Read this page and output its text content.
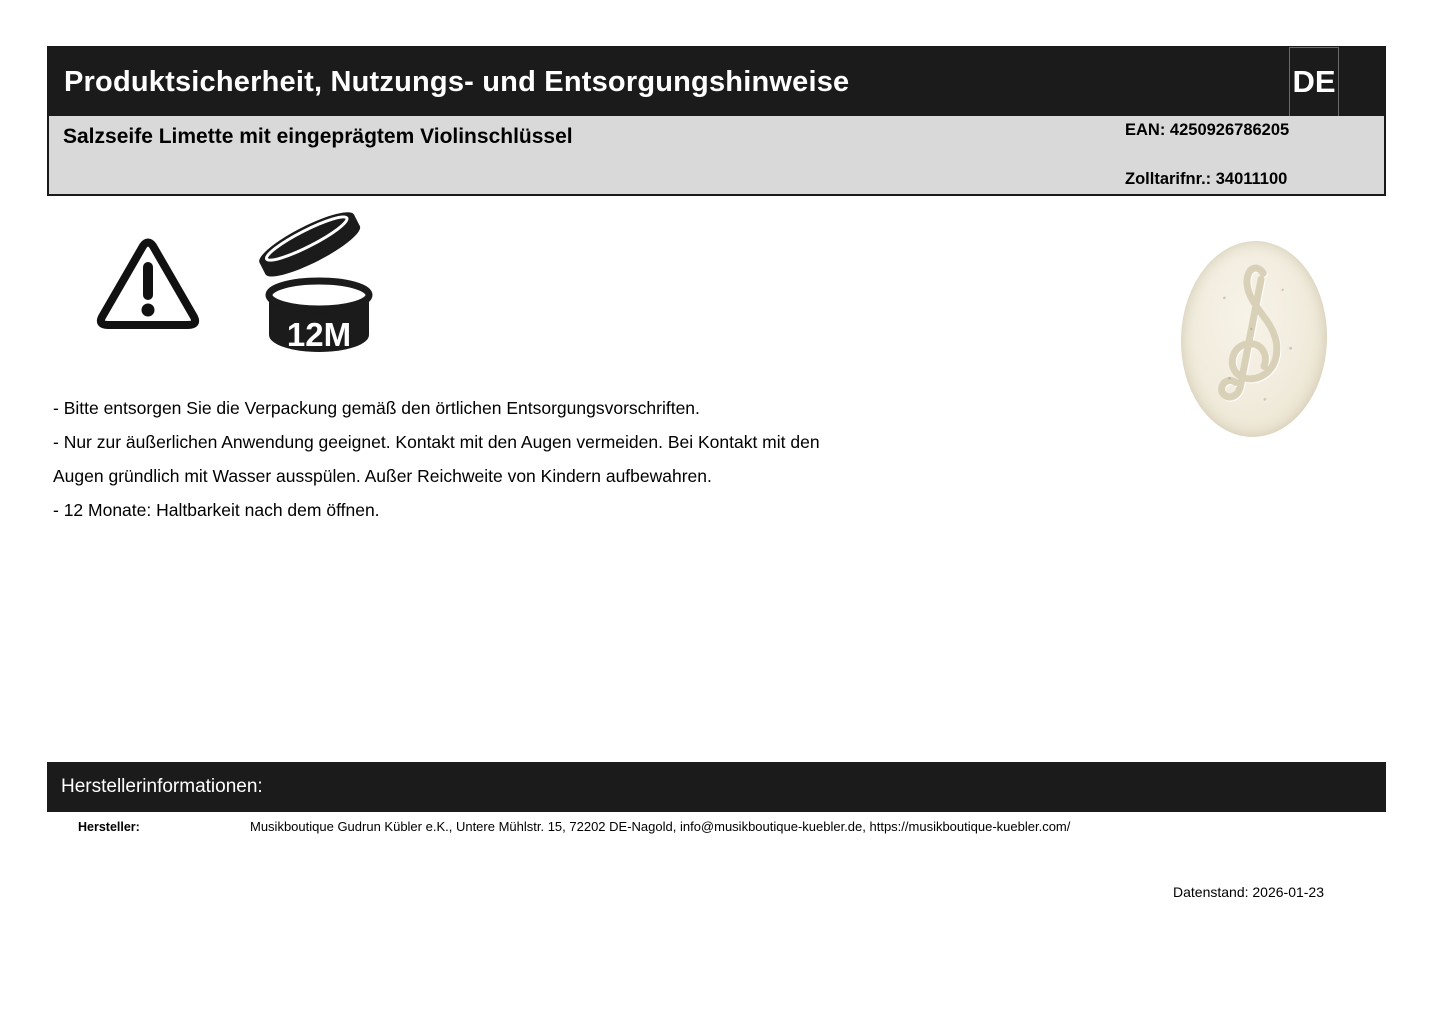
Produktsicherheit, Nutzungs- und Entsorgungshinweise	DE
Salzseife Limette mit eingeprägtem Violinschlüssel	EAN: 4250926786205
Zolltarifnr.: 34011100
12M
- Bitte entsorgen Sie die Verpackung gemäß den örtlichen Entsorgungsvorschriften.
- Nur zur äußerlichen Anwendung geeignet. Kontakt mit den Augen vermeiden. Bei Kontakt mit den
Augen gründlich mit Wasser ausspülen. Außer Reichweite von Kindern aufbewahren.
- 12 Monate: Haltbarkeit nach dem öffnen.
Herstellerinformationen:
Hersteller:	Musikboutique Gudrun Kübler e.K., Untere Mühlstr. 15, 72202 DE-Nagold, info@musikboutique-kuebler.de, https://musikboutique-kuebler.com/
Datenstand: 2026-01-23
